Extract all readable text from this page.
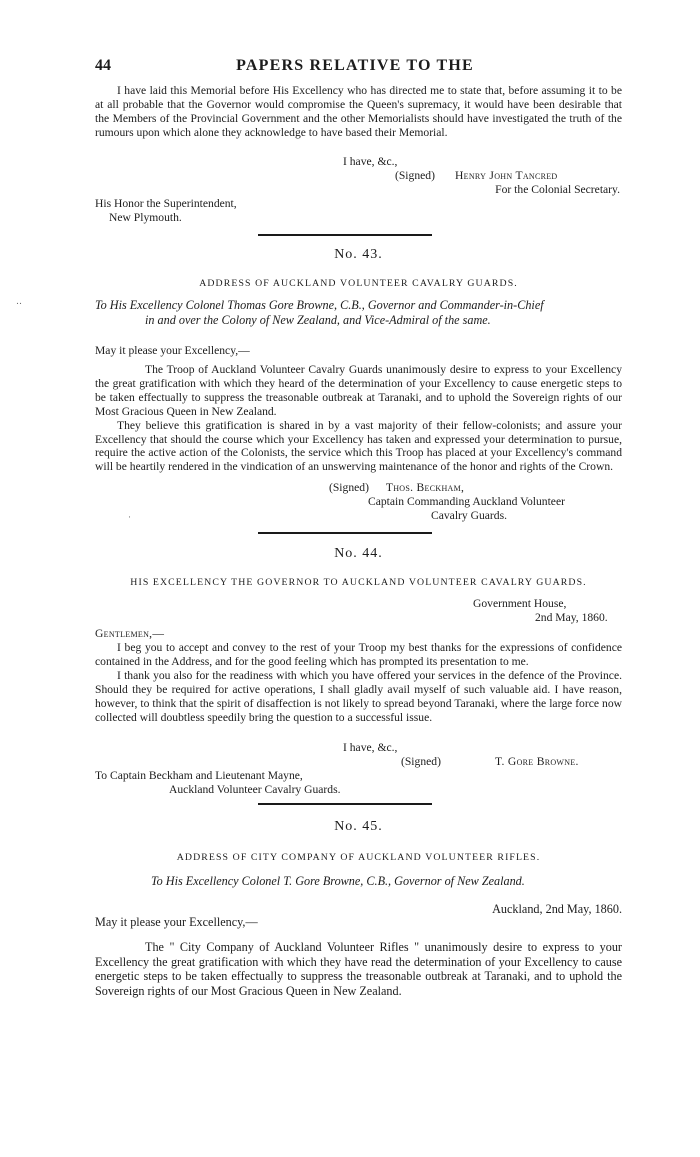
44	PAPERS RELATIVE TO THE

I have laid this Memorial before His Excellency who has directed me to state that, before assuming it to be at all probable that the Governor would compromise the Queen's supremacy, it would have been desirable that the Members of the Provincial Government and the other Memorialists should have investigated the truth of the rumours upon which alone they acknowledge to have based their Memorial.

I have, &c.,

(Signed) Henry John Tancred

For the Colonial Secretary.

His Honor the Superintendent,

New Plymouth.

No. 43.
ADDRESS OF AUCKLAND VOLUNTEER CAVALRY GUARDS.

To His Excellency Colonel Thomas Gore Browne, C.B., Governor and Commander-in-Chief

in and over the Colony of New Zealand, and Vice-Admiral of the same.

May it please your Excellency,—

The Troop of Auckland Volunteer Cavalry Guards unanimously desire to express to your Excellency the great gratification with which they heard of the determination of your Excellency to cause energetic steps to be taken effectually to suppress the treasonable outbreak at Taranaki, and to uphold the Sovereign rights of our Most Gracious Queen in New Zealand.

They believe this gratification is shared in by a vast majority of their fellow-colonists; and assure your Excellency that should the course which your Excellency has taken and expressed your determination to pursue, require the active action of the Colonists, the service which this Troop has placed at your Excellency's command will be heartily rendered in the vindication of an unswerving maintenance of the honor and rights of the Crown.

(Signed) Thos. Beckham,

Captain Commanding Auckland Volunteer

Cavalry Guards.

No. 44.
HIS EXCELLENCY THE GOVERNOR TO AUCKLAND VOLUNTEER CAVALRY GUARDS.

Government House,

2nd May, 1860.

Gentlemen,—

I beg you to accept and convey to the rest of your Troop my best thanks for the expressions of confidence contained in the Address, and for the good feeling which has prompted its presentation to me.

I thank you also for the readiness with which you have offered your services in the defence of the Province. Should they be required for active operations, I shall gladly avail myself of such valuable aid. I have reason, however, to think that the spirit of disaffection is not likely to spread beyond Taranaki, where the large force now collected will doubtless speedily bring the question to a successful issue.

I have, &c.,

(Signed)	T. Gore Browne.

To Captain Beckham and Lieutenant Mayne,

Auckland Volunteer Cavalry Guards.

No. 45.
ADDRESS OF CITY COMPANY OF AUCKLAND VOLUNTEER RIFLES.
To His Excellency Colonel T. Gore Browne, C.B., Governor of New Zealand.
Auckland, 2nd May, 1860.
May it please your Excellency,—

The " City Company of Auckland Volunteer Rifles " unanimously desire to express to your Excellency the great gratification with which they have read the determination of your Excellency to cause energetic steps to be taken effectually to suppress the treasonable outbreak at Taranaki, and to uphold the Sovereign rights of our Most Gracious Queen in New Zealand.

‥
·
